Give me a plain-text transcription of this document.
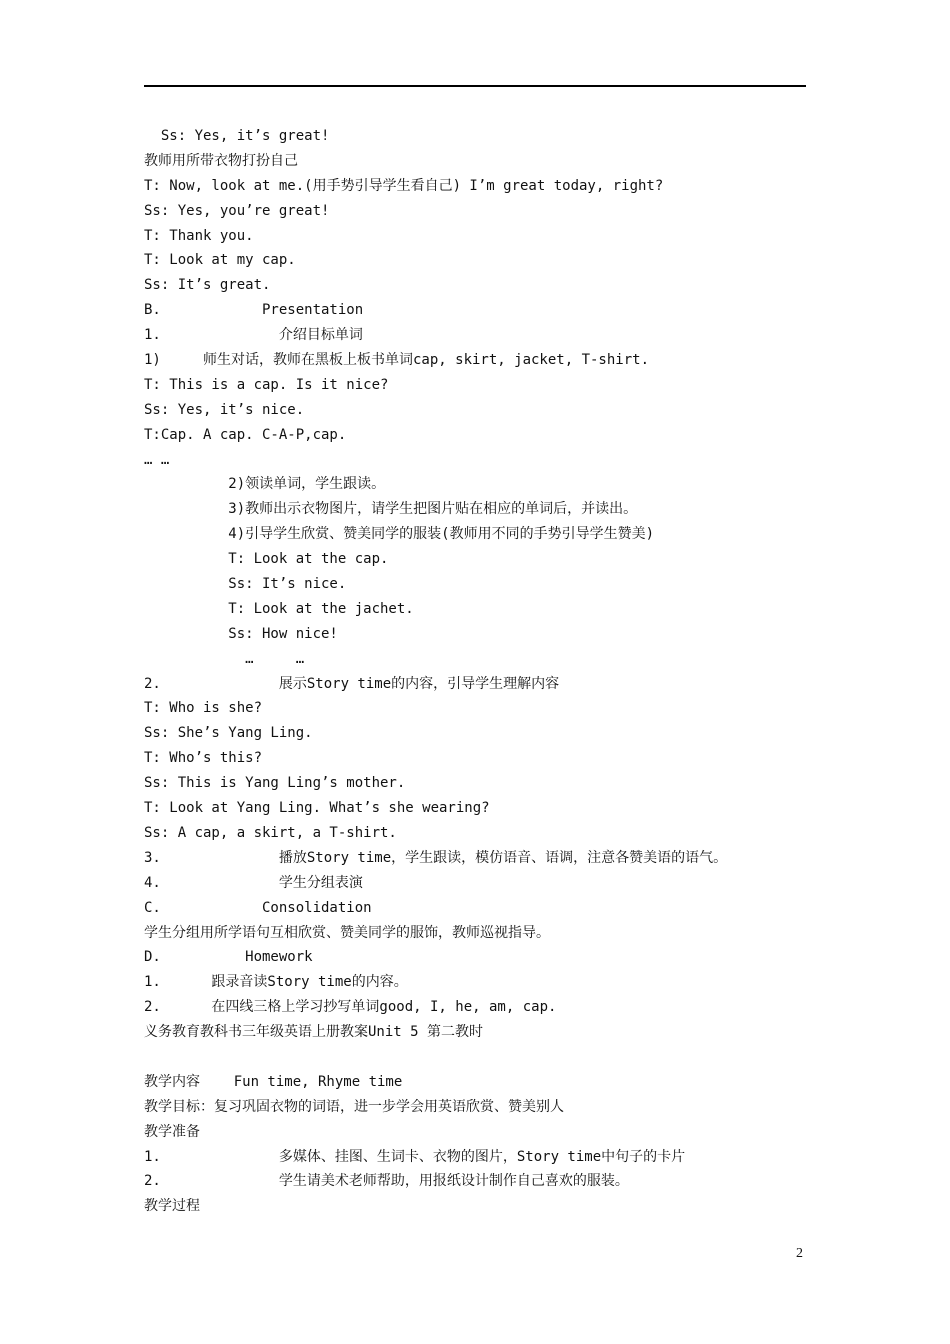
Ss: Yes, it’s great!
教师用所带衣物打扮自己
T: Now, look at me.(用手势引导学生看自己) I’m great today, right?
Ss: Yes, you’re great!
T: Thank you.
T: Look at my cap.
Ss: It’s great.
B.            Presentation
1.              介绍目标单词
1)     师生对话，教师在黑板上板书单词cap, skirt, jacket, T-shirt.
T: This is a cap. Is it nice?
Ss: Yes, it’s nice.
T:Cap. A cap. C-A-P,cap.
… …
2)领读单词，学生跟读。
3)教师出示衣物图片，请学生把图片贴在相应的单词后，并读出。
4)引导学生欣赏、赞美同学的服装(教师用不同的手势引导学生赞美)
T: Look at the cap.
Ss: It’s nice.
T: Look at the jachet.
Ss: How nice!
…     …
2.              展示Story time的内容，引导学生理解内容
T: Who is she?
Ss: She’s Yang Ling.
T: Who’s this?
Ss: This is Yang Ling’s mother.
T: Look at Yang Ling. What’s she wearing?
Ss: A cap, a skirt, a T-shirt.
3.              播放Story time，学生跟读，模仿语音、语调，注意各赞美语的语气。
4.              学生分组表演
C.            Consolidation
学生分组用所学语句互相欣赏、赞美同学的服饰，教师巡视指导。
D.          Homework
1.      跟录音读Story time的内容。
2.      在四线三格上学习抄写单词good, I, he, am, cap.
义务教育教科书三年级英语上册教案Unit 5 第二教时
教学内容    Fun time, Rhyme time
教学目标：复习巩固衣物的词语，进一步学会用英语欣赏、赞美别人
教学准备
1.              多媒体、挂图、生词卡、衣物的图片，Story time中句子的卡片
2.              学生请美术老师帮助，用报纸设计制作自己喜欢的服装。
教学过程
2
